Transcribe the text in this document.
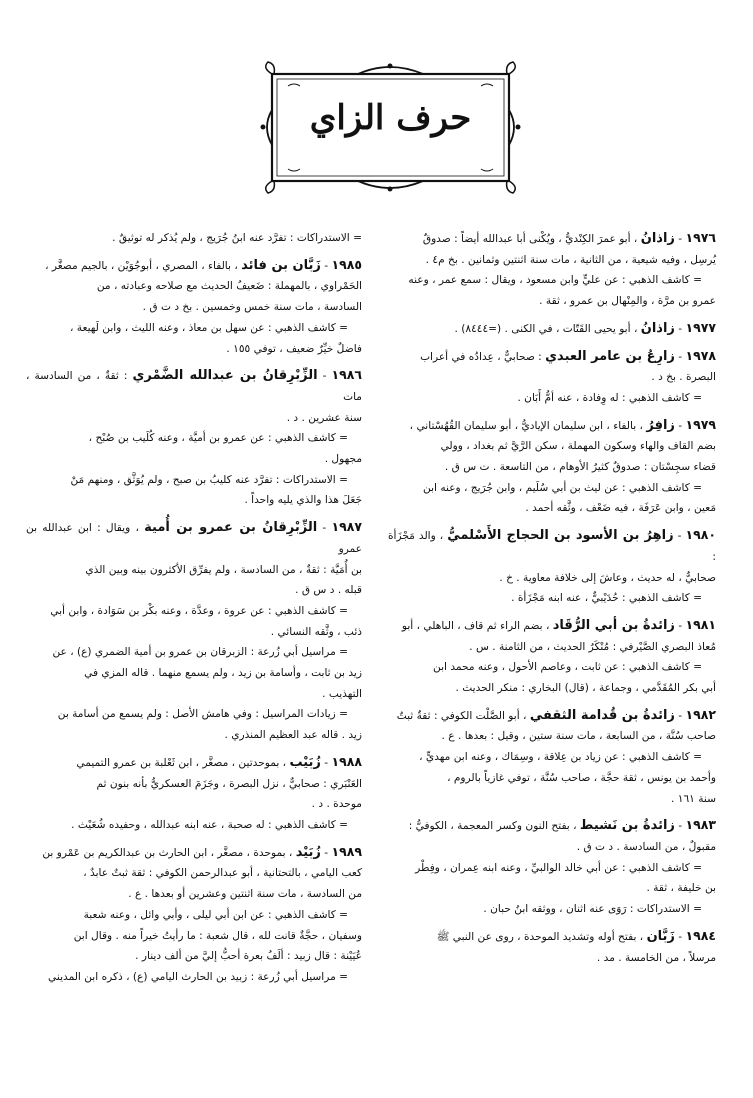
حرف الزاي
١٩٧٦ - زاذانُ ، أبو عمرَ الكِنْديُّ ، ويُكْنى أبا عبدالله أيضاً : صدوقٌ
يُرسِل ، وفيه شيعية ، من الثانية ، مات سنة اثنتين وثمانين . بخ م٤ .
= كاشف الذهبي : عن عليٍّ وابن مسعود ، ويقال : سمع عمر ، وعنه
عمرو بن مرَّة ، والمِنْهال بن عمرو ، ثقة .
١٩٧٧ - زاذانُ ، أبو يحيى القَتّات ، في الكنى . (=٨٤٤٤) .
١٩٧٨ - زارِعُ بن عامر العبدي : صحابيٌّ ، عِدادُه في أعراب
البصرة . بخ د .
= كاشف الذهبي : له وِفادة ، عنه أمُّ أَبَان .
١٩٧٩ - زافِرُ ، بالفاء ، ابن سليمان الإياديُّ ، أبو سليمان القُهُسْتاني ،
بضم القاف والهاء وسكون المهملة ، سكن الرَّيَّ ثم بغداد ، وولي
قضاء سجِسْتان : صدوقٌ كثيرُ الأوهام ، من التاسعة . ت س ق .
= كاشف الذهبي : عن ليث بن أبي سُلَيم ، وابن جُرَيج ، وعنه ابن
مَعين ، وابن عَرَفَة ، فيه ضَعْف ، وثَّقه أحمد .
١٩٨٠ - زاهِرُ بن الأسود بن الحجاج الأَسْلميُّ ، والد مَجْزَأة :
صحابيٌّ ، له حديث ، وعاشَ إلى خلافة معاوية . خ .
= كاشف الذهبي : حُدَيْبيٌّ ، عنه ابنه مَجْزَأة .
١٩٨١ - زائدةُ بن أبي الرُّقَاد ، بضم الراء ثم قاف ، الباهلي ، أبو
مُعاذ البصري الصَّيْرفي : مُنْكَرُ الحديث ، من الثامنة . س .
= كاشف الذهبي : عن ثابت ، وعاصم الأحول ، وعنه محمد ابن
أبي بكر المُقَدَّمي ، وجماعة ، (قال) البخاري : منكر الحديث .
١٩٨٢ - زائدةُ بن قُدامة الثقفي ، أبو الصَّلْت الكوفي : ثقةٌ ثبتٌ
صاحب سُنَّة ، من السابعة ، مات سنة ستين ، وقيل : بعدها . ع .
= كاشف الذهبي : عن زياد بن عِلاقة ، وسِمَاك ، وعنه ابن مهديٍّ ،
وأحمد بن يونس ، ثقة حجَّة ، صاحب سُنَّة ، توفي غازياً بالروم ،
سنة ١٦١ .
١٩٨٣ - زائدةُ بن نَشيط ، بفتح النون وكسر المعجمة ، الكوفيُّ :
مقبولٌ ، من السادسة . د ت ق .
= كاشف الذهبي : عن أبي خالد الوالبيِّ ، وعنه ابنه عِمران ، وفِطْر
بن خليفة ، ثقة .
= الاستدراكات : رَوَى عنه اثنان ، ووثقه ابنُ حبان .
١٩٨٤ - زَبَّان ، بفتح أوله وتشديد الموحدة ، روى عن النبي ﷺ
مرسلاً ، من الخامسة . مد .
= الاستدراكات : تفرَّد عنه ابنُ جُرَيج ، ولم يُذكر له توثيقٌ .
١٩٨٥ - زَبَّان بن فائد ، بالفاء ، المصري ، أبوجُوَيْن ، بالجيم مصغَّر ،
الحَمْراوي ، بالمهملة : ضَعيفُ الحديث مع صلاحه وعبادته ، من
السادسة ، مات سنة خمس وخمسين . بخ د ت ق .
= كاشف الذهبي : عن سهل بن معاذ ، وعنه الليث ، وابن لَهيعة ،
فاضلٌ خيِّرٌ ضعيف ، توفي ١٥٥ .
١٩٨٦ - الزِّبْرِقانُ بن عبدالله الضَّمْري : ثقةٌ ، من السادسة ، مات
سنة عشرين . د .
= كاشف الذهبي : عن عمرو بن أميَّة ، وعنه كُلَيب بن صُبْح ،
مجهول .
= الاستدراكات : تفرَّد عنه كليبُ بن صبح ، ولم يُوَثَّق ، ومنهم مَنْ
جَعَلَ هذا والذي يليه واحداً .
١٩٨٧ - الزِّبْرِقانُ بن عمرو بن أُمية ، ويقال : ابن عبدالله بن عمرو
بن أُمَيَّة : ثقةٌ ، من السادسة ، ولم يفرِّق الأكثرون بينه وبين الذي
قبله . د س ق .
= كاشف الذهبي : عن عروة ، وعدَّة ، وعنه بكْر بن سَوَادة ، وابن أبي
ذئب ، وثَّقه النسائي .
= مراسيل أبي زُرعة : الزبرقان بن عمرو بن أمية الضمري (ع) ، عن
زيد بن ثابت ، وأسامة بن زيد ، ولم يسمع منهما . قاله المزي في
التهذيب .
= زيادات المراسيل : وفي هامش الأصل : ولم يسمع من أسامة بن
زيد . قاله عبد العظيم المنذري .
١٩٨٨ - زُبَيْب ، بموحدتين ، مصغَّر ، ابن ثَعْلبة بن عمرو التميمي
العَنْبَري : صحابيٌّ ، نزل البصرة ، وجَزَمَ العسكريُّ بأنه بنون ثم
موحدة . د .
= كاشف الذهبي : له صحبة ، عنه ابنه عبدالله ، وحفيده شُعَيْث .
١٩٨٩ - زُبَيْد ، بموحدة ، مصغَّر ، ابن الحارث بن عبدالكريم بن عَمْرو بن
كعب اليامي ، بالتحتانية ، أبو عبدالرحمن الكوفي : ثقة ثبتٌ عابدٌ ،
من السادسة ، مات سنة اثنتين وعشرين أو بعدها . ع .
= كاشف الذهبي : عن ابن أبي ليلى ، وأبي وائل ، وعنه شعبة
وسفيان ، حجَّةٌ قانت لله ، قال شعبة : ما رأيتُ خيراً منه . وقال ابن
عُيَيْنة : قال زبيد : ألَفُ بعرة أحبُّ إليَّ من ألف دينار .
= مراسيل أبي زُرعة : زبيد بن الحارث اليامي (ع) ، ذكره ابن المديني
